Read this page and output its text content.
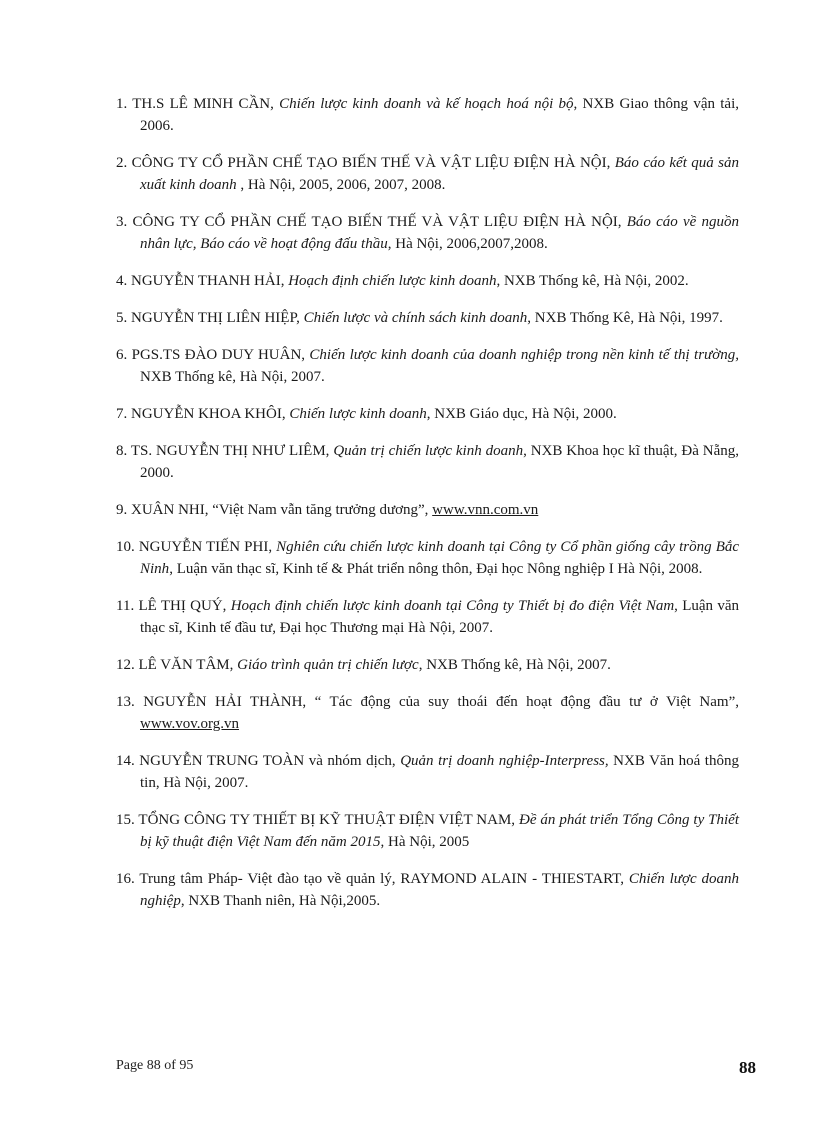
1. TH.S LÊ MINH CẦN, Chiến lược kinh doanh và kế hoạch hoá nội bộ, NXB Giao thông vận tải, 2006.
2. CÔNG TY CỔ PHẦN CHẾ TẠO BIẾN THẾ VÀ VẬT LIỆU ĐIỆN HÀ NỘI, Báo cáo kết quả sản xuất kinh doanh , Hà Nội, 2005, 2006, 2007, 2008.
3. CÔNG TY CỔ PHẦN CHẾ TẠO BIẾN THẾ VÀ VẬT LIỆU ĐIỆN HÀ NỘI, Báo cáo về nguồn nhân lực, Báo cáo về hoạt động đấu thầu, Hà Nội, 2006,2007,2008.
4. NGUYỄN THANH HẢI, Hoạch định chiến lược kinh doanh, NXB Thống kê, Hà Nội, 2002.
5. NGUYỄN THỊ LIÊN HIỆP, Chiến lược và chính sách kinh doanh, NXB Thống Kê, Hà Nội, 1997.
6. PGS.TS ĐÀO DUY HUÂN, Chiến lược kinh doanh của doanh nghiệp trong nền kinh tế thị trường, NXB Thống kê, Hà Nội, 2007.
7. NGUYỄN KHOA KHÔI, Chiến lược kinh doanh, NXB Giáo dục, Hà Nội, 2000.
8. TS. NGUYỄN THỊ NHƯ LIÊM, Quản trị chiến lược kinh doanh, NXB Khoa học kĩ thuật, Đà Nẵng, 2000.
9. XUÂN NHI, “Việt Nam vẫn tăng trưởng dương”, www.vnn.com.vn
10. NGUYỄN TIẾN PHI, Nghiên cứu chiến lược kinh doanh tại Công ty Cổ phần giống cây trồng Bắc Ninh, Luận văn thạc sĩ, Kinh tế & Phát triển nông thôn, Đại học Nông nghiệp I Hà Nội, 2008.
11. LÊ THỊ QUÝ, Hoạch định chiến lược kinh doanh tại Công ty Thiết bị đo điện Việt Nam, Luận văn thạc sĩ, Kinh tế đầu tư, Đại học Thương mại Hà Nội, 2007.
12. LÊ VĂN TÂM, Giáo trình quản trị chiến lược, NXB Thống kê, Hà Nội, 2007.
13. NGUYỄN HẢI THÀNH, “ Tác động của suy thoái đến hoạt động đầu tư ở Việt Nam”, www.vov.org.vn
14. NGUYỄN TRUNG TOÀN và nhóm dịch, Quản trị doanh nghiệp-Interpress, NXB Văn hoá thông tin, Hà Nội, 2007.
15. TỔNG CÔNG TY THIẾT BỊ KỸ THUẬT ĐIỆN VIỆT NAM, Đề án phát triển Tổng Công ty Thiết bị kỹ thuật điện Việt Nam đến năm 2015, Hà Nội, 2005
16. Trung tâm Pháp- Việt đào tạo về quản lý, RAYMOND ALAIN - THIESTART, Chiến lược doanh nghiệp, NXB Thanh niên, Hà Nội,2005.
Page 88 of 95	88
